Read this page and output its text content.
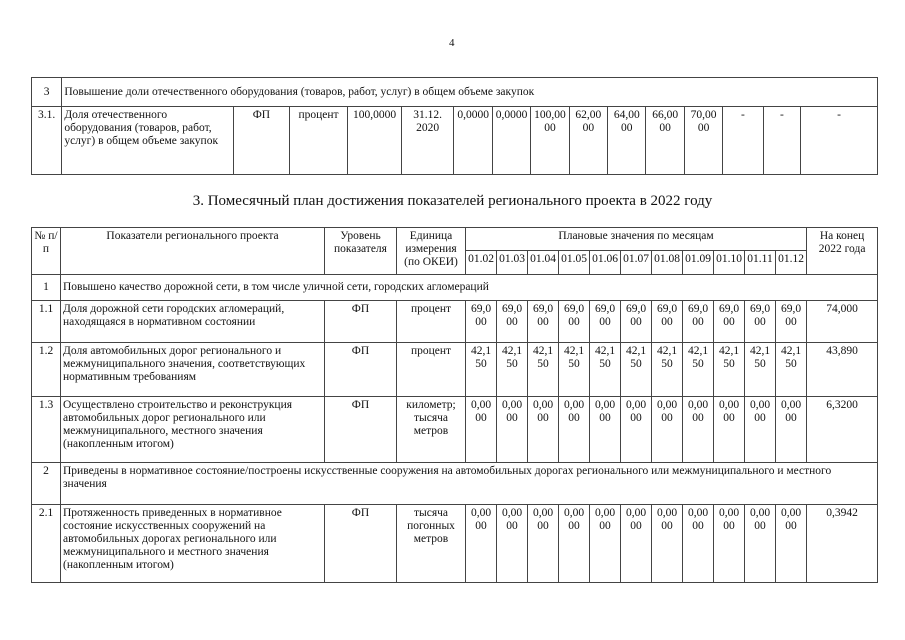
4
3	Повышение доли отечественного оборудования (товаров, работ, услуг) в общем объеме закупок														
3.1.	Доля отечественного оборудования (товаров, работ, услуг) в общем объеме закупок	ФП	процент	100,0000	31.12. 2020	0,0000	0,0000	100,00 00	62,00 00	64,00 00	66,00 00	70,00 00	-	-	-
3. Помесячный план достижения показателей регионального проекта в 2022 году
№ п/п	Показатели регионального проекта	Уровень показателя	Единица измерения (по ОКЕИ)	Плановые значения по месяцам											На конец 2022 года
				01.02	01.03	01.04	01.05	01.06	01.07	01.08	01.09	01.10	01.11	01.12	
1	Повышено качество дорожной сети, в том числе уличной сети, городских агломераций														
1.1	Доля дорожной сети городских агломераций, находящаяся в нормативном состоянии	ФП	процент	69,0 00	69,0 00	69,0 00	69,0 00	69,0 00	69,0 00	69,0 00	69,0 00	69,0 00	69,0 00	69,0 00	74,000
1.2	Доля автомобильных дорог регионального и межмуниципального значения, соответствующих нормативным требованиям	ФП	процент	42,1 50	42,1 50	42,1 50	42,1 50	42,1 50	42,1 50	42,1 50	42,1 50	42,1 50	42,1 50	42,1 50	43,890
1.3	Осуществлено строительство и реконструкция автомобильных дорог регионального или межмуниципального, местного значения (накопленным итогом)	ФП	километр; тысяча метров	0,00 00	0,00 00	0,00 00	0,00 00	0,00 00	0,00 00	0,00 00	0,00 00	0,00 00	0,00 00	0,00 00	6,3200
2	Приведены в нормативное состояние/построены искусственные сооружения на автомобильных дорогах регионального или межмуниципального и местного значения														
2.1	Протяженность приведенных в нормативное состояние искусственных сооружений на автомобильных дорогах регионального или межмуниципального и местного значения (накопленным итогом)	ФП	тысяча погонных метров	0,00 00	0,00 00	0,00 00	0,00 00	0,00 00	0,00 00	0,00 00	0,00 00	0,00 00	0,00 00	0,00 00	0,3942
